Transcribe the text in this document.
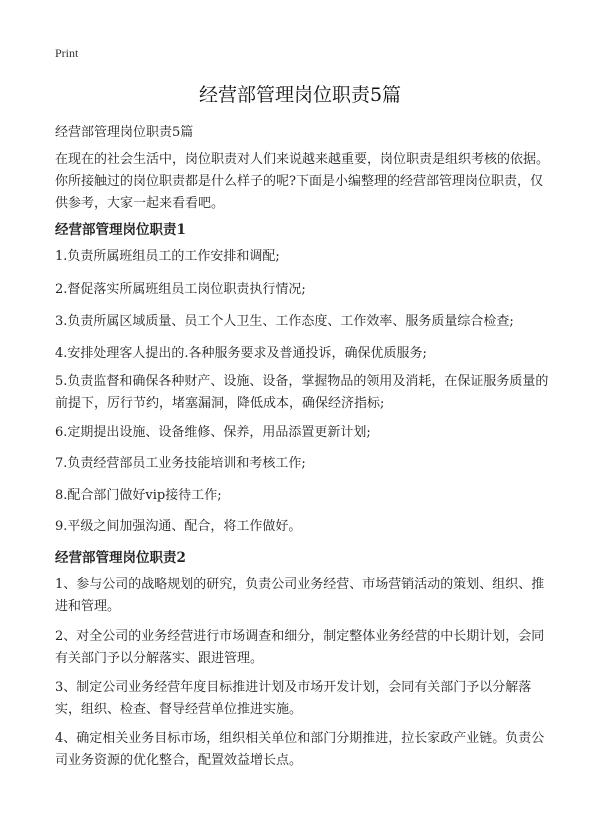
Print
经营部管理岗位职责5篇
经营部管理岗位职责5篇
在现在的社会生活中，岗位职责对人们来说越来越重要，岗位职责是组织考核的依据。你所接触过的岗位职责都是什么样子的呢?下面是小编整理的经营部管理岗位职责，仅供参考，大家一起来看看吧。
经营部管理岗位职责1
1.负责所属班组员工的工作安排和调配;
2.督促落实所属班组员工岗位职责执行情况;
3.负责所属区域质量、员工个人卫生、工作态度、工作效率、服务质量综合检查;
4.安排处理客人提出的.各种服务要求及普通投诉，确保优质服务;
5.负责监督和确保各种财产、设施、设备，掌握物品的领用及消耗，在保证服务质量的前提下，厉行节约，堵塞漏洞，降低成本，确保经济指标;
6.定期提出设施、设备维修、保养，用品添置更新计划;
7.负责经营部员工业务技能培训和考核工作;
8.配合部门做好vip接待工作;
9.平级之间加强沟通、配合，将工作做好。
经营部管理岗位职责2
1、参与公司的战略规划的研究，负责公司业务经营、市场营销活动的策划、组织、推进和管理。
2、对全公司的业务经营进行市场调查和细分，制定整体业务经营的中长期计划，会同有关部门予以分解落实、跟进管理。
3、制定公司业务经营年度目标推进计划及市场开发计划，会同有关部门予以分解落实，组织、检查、督导经营单位推进实施。
4、确定相关业务目标市场，组织相关单位和部门分期推进，拉长家政产业链。负责公司业务资源的优化整合，配置效益增长点。
